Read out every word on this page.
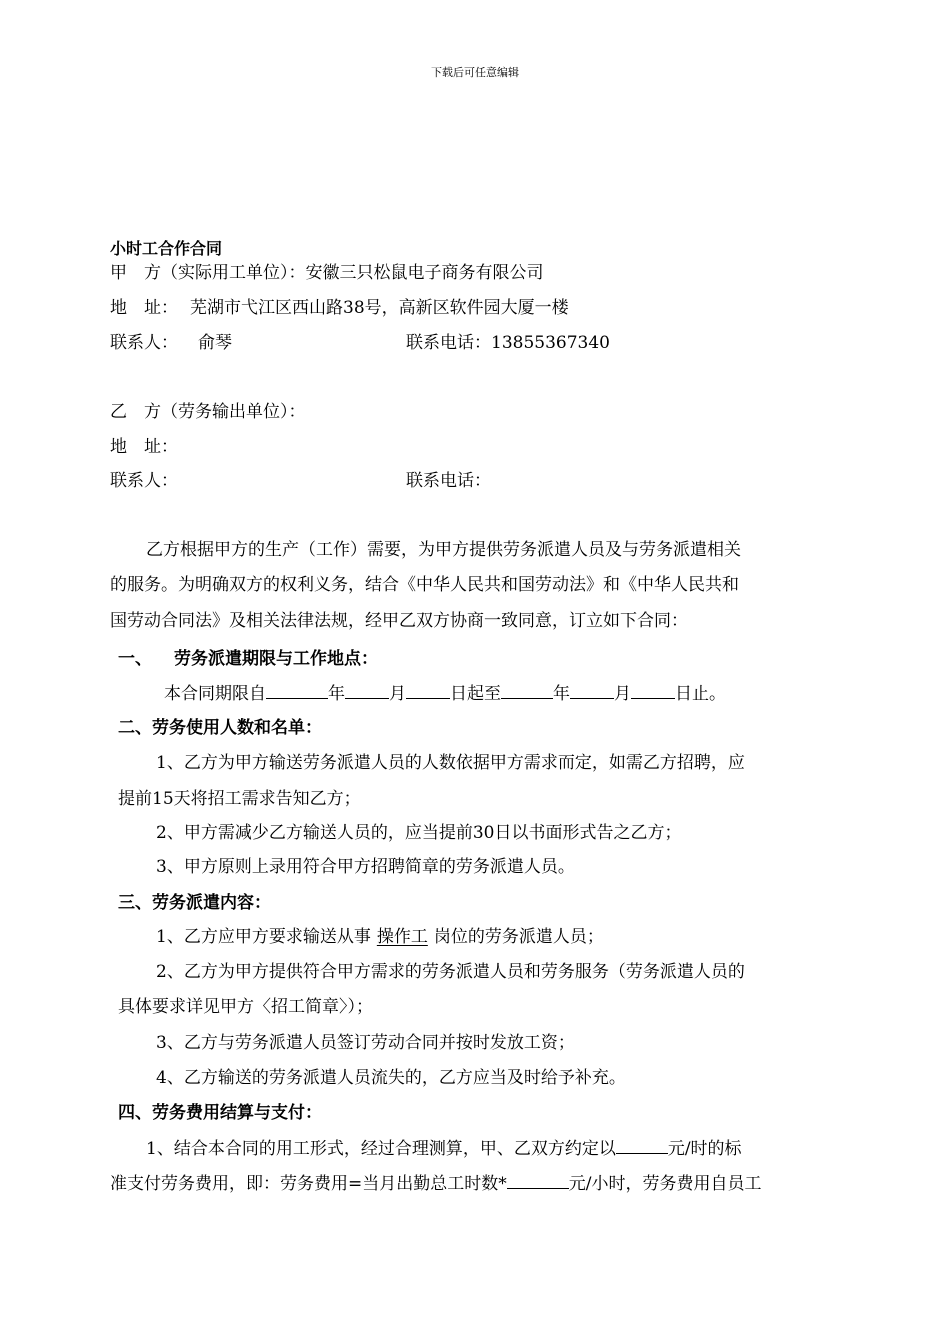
下载后可任意编辑
小时工合作合同
甲　方（实际用工单位）：安徽三只松鼠电子商务有限公司
地　址： 芜湖市弋江区西山路38号，高新区软件园大厦一楼
联系人： 俞琴	联系电话：13855367340
乙　方（劳务输出单位）：
地　址：
联系人：	联系电话：
乙方根据甲方的生产（工作）需要，为甲方提供劳务派遣人员及与劳务派遣相关
的服务。为明确双方的权利义务，结合《中华人民共和国劳动法》和《中华人民共和
国劳动合同法》及相关法律法规，经甲乙双方协商一致同意，订立如下合同：
一、 劳务派遣期限与工作地点：
本合同期限自	年	月	日起至	年	月	日止。
二、劳务使用人数和名单：
1、乙方为甲方输送劳务派遣人员的人数依据甲方需求而定，如需乙方招聘，应
提前15天将招工需求告知乙方；
2、甲方需减少乙方输送人员的，应当提前30日以书面形式告之乙方；
3、甲方原则上录用符合甲方招聘简章的劳务派遣人员。
三、劳务派遣内容：
1、乙方应甲方要求输送从事 操作工 岗位的劳务派遣人员；
2、乙方为甲方提供符合甲方需求的劳务派遣人员和劳务服务（劳务派遣人员的
具体要求详见甲方〈招工简章〉）；
3、乙方与劳务派遣人员签订劳动合同并按时发放工资；
4、乙方输送的劳务派遣人员流失的，乙方应当及时给予补充。
四、劳务费用结算与支付：
1、结合本合同的用工形式，经过合理测算，甲、乙双方约定以	元/时的标
准支付劳务费用，即：劳务费用=当月出勤总工时数*	元/小时，劳务费用自员工
